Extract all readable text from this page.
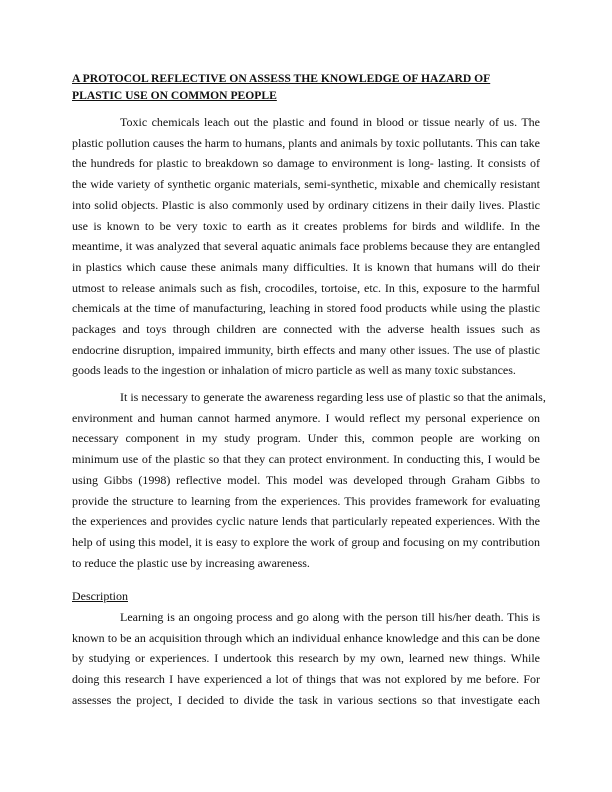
A PROTOCOL REFLECTIVE ON ASSESS THE KNOWLEDGE OF HAZARD OF
PLASTIC USE ON COMMON PEOPLE
Toxic chemicals leach out the plastic and found in blood or tissue nearly of us. The
plastic pollution causes the harm to humans, plants and animals by toxic pollutants. This can take
the hundreds for plastic to breakdown so damage to environment is long- lasting. It consists of
the wide variety of synthetic organic materials, semi-synthetic, mixable and chemically resistant
into solid objects. Plastic is also commonly used by ordinary citizens in their daily lives. Plastic
use is known to be very toxic to earth as it creates problems for birds and wildlife. In the
meantime, it was analyzed that several aquatic animals face problems because they are entangled
in plastics which cause these animals many difficulties. It is known that humans will do their
utmost to release animals such as fish, crocodiles, tortoise, etc. In this, exposure to the harmful
chemicals at the time of manufacturing, leaching in stored food products while using the plastic
packages and toys through children are connected with the adverse health issues such as
endocrine disruption, impaired immunity, birth effects and many other issues. The use of plastic
goods leads to the ingestion or inhalation of micro particle as well as many toxic substances.
It is necessary to generate the awareness regarding less use of plastic so that the animals,
environment and human cannot harmed anymore. I would reflect my personal experience on
necessary component in my study program. Under this, common people are working on
minimum use of the plastic so that they can protect environment. In conducting this, I would be
using Gibbs (1998) reflective model. This model was developed through Graham Gibbs to
provide the structure to learning from the experiences. This provides framework for evaluating
the experiences and provides cyclic nature lends that particularly repeated experiences. With the
help of using this model, it is easy to explore the work of group and focusing on my contribution
to reduce the plastic use by increasing awareness.
Description
Learning is an ongoing process and go along with the person till his/her death. This is
known to be an acquisition through which an individual enhance knowledge and this can be done
by studying or experiences. I undertook this research by my own, learned new things. While
doing this research I have experienced a lot of things that was not explored by me before. For
assesses the project, I decided to divide the task in various sections so that investigate each
